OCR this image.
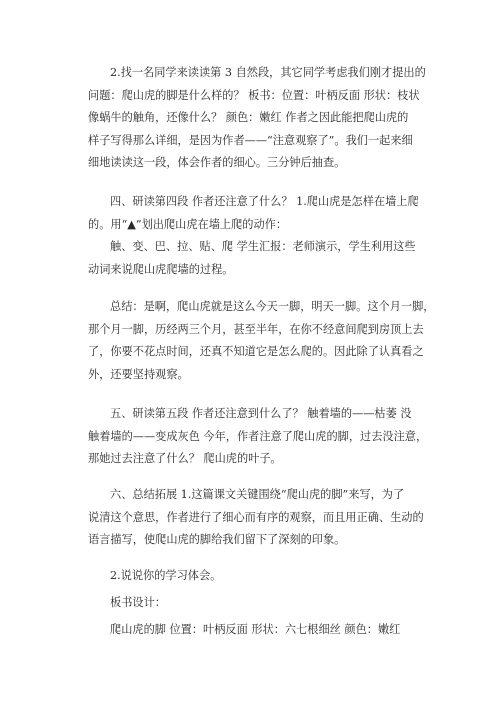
2.找一名同学来读读第 3 自然段，其它同学考虑我们刚才提出的
问题：爬山虎的脚是什么样的？ 板书：位置：叶柄反面 形状：枝状
像蜗牛的触角，还像什么？ 颜色：嫩红 作者之因此能把爬山虎的
样子写得那么详细，是因为作者——“注意观察了”。我们一起来细
细地读读这一段，体会作者的细心。三分钟后抽查。
四、研读第四段 作者还注意了什么？ 1.爬山虎是怎样在墙上爬
的。用“▲”划出爬山虎在墙上爬的动作：
触、变、巴、拉、贴、爬 学生汇报：老师演示，学生利用这些
动词来说爬山虎爬墙的过程。
总结：是啊，爬山虎就是这么今天一脚，明天一脚。这个月一脚，
那个月一脚，历经两三个月，甚至半年，在你不经意间爬到房顶上去
了，你要不花点时间，还真不知道它是怎么爬的。因此除了认真看之
外，还要坚持观察。
五、研读第五段 作者还注意到什么了？ 触着墙的——枯萎 没
触着墙的——变成灰色 今年，作者注意了爬山虎的脚，过去没注意，
那她过去注意了什么？ 爬山虎的叶子。
六、总结拓展 1.这篇课文关键围绕“爬山虎的脚”来写，为了
说清这个意思，作者进行了细心而有序的观察，而且用正确、生动的
语言描写，使爬山虎的脚给我们留下了深刻的印象。
2.说说你的学习体会。
板书设计：
爬山虎的脚 位置：叶柄反面 形状：六七根细丝 颜色：嫩红
